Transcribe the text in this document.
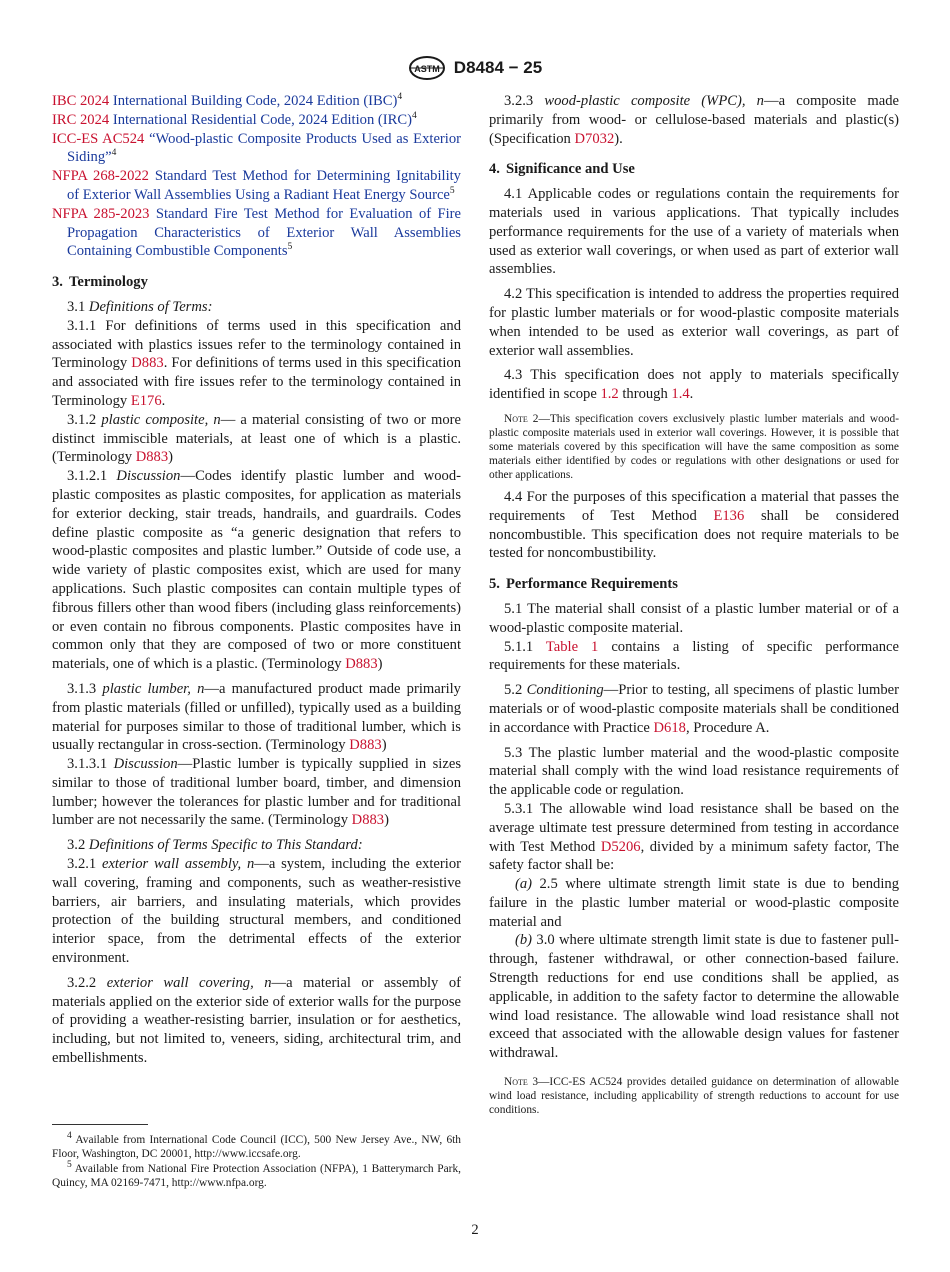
ASTM D8484 − 25

IBC 2024 International Building Code, 2024 Edition (IBC)$^4$

IRC 2024 International Residential Code, 2024 Edition (IRC)$^4$

ICC-ES AC524 “Wood-plastic Composite Products Used as Exterior Siding”$^4$

NFPA 268-2022 Standard Test Method for Determining Ignitability of Exterior Wall Assemblies Using a Radiant Heat Energy Source$^5$

NFPA 285-2023 Standard Fire Test Method for Evaluation of Fire Propagation Characteristics of Exterior Wall Assemblies Containing Combustible Components$^5$

3. Terminology

3.1 Definitions of Terms:

3.1.1 For definitions of terms used in this specification and associated with plastics issues refer to the terminology contained in Terminology D883. For definitions of terms used in this specification and associated with fire issues refer to the terminology contained in Terminology E176.

3.1.2 plastic composite, n— a material consisting of two or more distinct immiscible materials, at least one of which is a plastic. (Terminology D883)

3.1.2.1 Discussion—Codes identify plastic lumber and wood-plastic composites as plastic composites, for application as materials for exterior decking, stair treads, handrails, and guardrails. Codes define plastic composite as “a generic designation that refers to wood-plastic composites and plastic lumber.” Outside of code use, a wide variety of plastic composites exist, which are used for many applications. Such plastic composites can contain multiple types of fibrous fillers other than wood fibers (including glass reinforcements) or even contain no fibrous components. Plastic composites have in common only that they are composed of two or more constituent materials, one of which is a plastic. (Terminology D883)

3.1.3 plastic lumber, n—a manufactured product made primarily from plastic materials (filled or unfilled), typically used as a building material for purposes similar to those of traditional lumber, which is usually rectangular in cross-section. (Terminology D883)

3.1.3.1 Discussion—Plastic lumber is typically supplied in sizes similar to those of traditional lumber board, timber, and dimension lumber; however the tolerances for plastic lumber and for traditional lumber are not necessarily the same. (Terminology D883)

3.2 Definitions of Terms Specific to This Standard:

3.2.1 exterior wall assembly, n—a system, including the exterior wall covering, framing and components, such as weather-resistive barriers, air barriers, and insulating materials, which provides protection of the building structural members, and conditioned interior space, from the detrimental effects of the exterior environment.

3.2.2 exterior wall covering, n—a material or assembly of materials applied on the exterior side of exterior walls for the purpose of providing a weather-resisting barrier, insulation or for aesthetics, including, but not limited to, veneers, siding, architectural trim, and embellishments.

$^4$ Available from International Code Council (ICC), 500 New Jersey Ave., NW, 6th Floor, Washington, DC 20001, http://www.iccsafe.org.

$^5$ Available from National Fire Protection Association (NFPA), 1 Batterymarch Park, Quincy, MA 02169-7471, http://www.nfpa.org.

3.2.3 wood-plastic composite (WPC), n—a composite made primarily from wood- or cellulose-based materials and plastic(s) (Specification D7032).

4. Significance and Use

4.1 Applicable codes or regulations contain the requirements for materials used in various applications. That typically includes performance requirements for the use of a variety of materials when used as exterior wall coverings, or when used as part of exterior wall assemblies.

4.2 This specification is intended to address the properties required for plastic lumber materials or for wood-plastic composite materials when intended to be used as exterior wall coverings, as part of exterior wall assemblies.

4.3 This specification does not apply to materials specifically identified in scope 1.2 through 1.4.

Note 2—This specification covers exclusively plastic lumber materials and wood-plastic composite materials used in exterior wall coverings. However, it is possible that some materials covered by this specification will have the same composition as some materials either identified by codes or regulations with other designations or used for other applications.

4.4 For the purposes of this specification a material that passes the requirements of Test Method E136 shall be considered noncombustible. This specification does not require materials to be tested for noncombustibility.

5. Performance Requirements

5.1 The material shall consist of a plastic lumber material or of a wood-plastic composite material.

5.1.1 Table 1 contains a listing of specific performance requirements for these materials.

5.2 Conditioning—Prior to testing, all specimens of plastic lumber materials or of wood-plastic composite materials shall be conditioned in accordance with Practice D618, Procedure A.

5.3 The plastic lumber material and the wood-plastic composite material shall comply with the wind load resistance requirements of the applicable code or regulation.

5.3.1 The allowable wind load resistance shall be based on the average ultimate test pressure determined from testing in accordance with Test Method D5206, divided by a minimum safety factor, The safety factor shall be:

(a) 2.5 where ultimate strength limit state is due to bending failure in the plastic lumber material or wood-plastic composite material and

(b) 3.0 where ultimate strength limit state is due to fastener pull-through, fastener withdrawal, or other connection-based failure. Strength reductions for end use conditions shall be applied, as applicable, in addition to the safety factor to determine the allowable wind load resistance. The allowable wind load resistance shall not exceed that associated with the allowable design values for fastener withdrawal.

Note 3—ICC-ES AC524 provides detailed guidance on determination of allowable wind load resistance, including applicability of strength reductions to account for use conditions.

2
